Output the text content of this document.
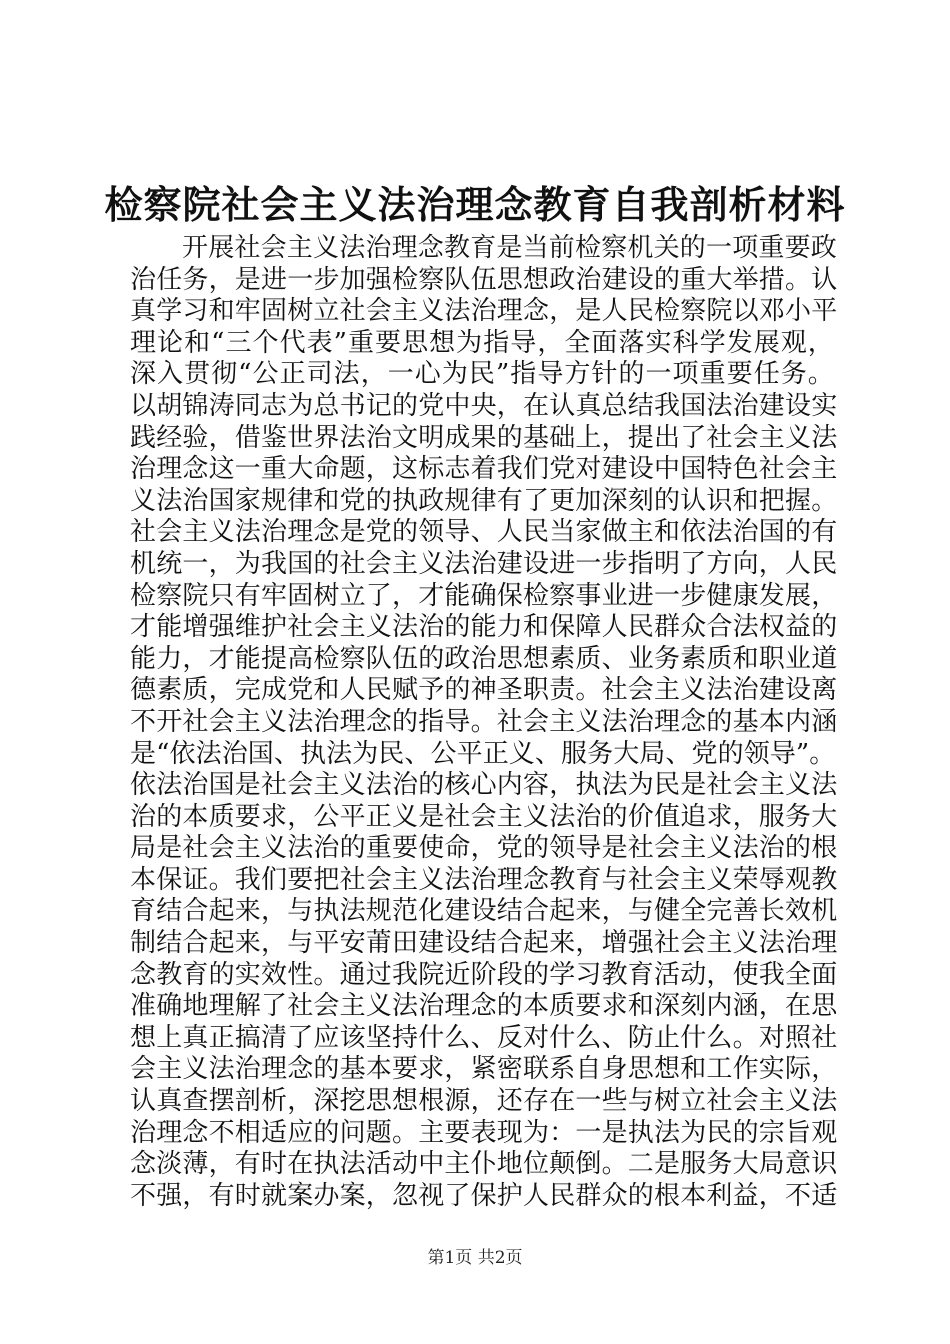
检察院社会主义法治理念教育自我剖析材料
开展社会主义法治理念教育是当前检察机关的一项重要政
治任务，是进一步加强检察队伍思想政治建设的重大举措。认
真学习和牢固树立社会主义法治理念，是人民检察院以邓小平
理论和“三个代表”重要思想为指导，全面落实科学发展观，
深入贯彻“公正司法，一心为民”指导方针的一项重要任务。
以胡锦涛同志为总书记的党中央，在认真总结我国法治建设实
践经验，借鉴世界法治文明成果的基础上，提出了社会主义法
治理念这一重大命题，这标志着我们党对建设中国特色社会主
义法治国家规律和党的执政规律有了更加深刻的认识和把握。
社会主义法治理念是党的领导、人民当家做主和依法治国的有
机统一，为我国的社会主义法治建设进一步指明了方向，人民
检察院只有牢固树立了，才能确保检察事业进一步健康发展，
才能增强维护社会主义法治的能力和保障人民群众合法权益的
能力，才能提高检察队伍的政治思想素质、业务素质和职业道
德素质，完成党和人民赋予的神圣职责。社会主义法治建设离
不开社会主义法治理念的指导。社会主义法治理念的基本内涵
是“依法治国、执法为民、公平正义、服务大局、党的领导”。
依法治国是社会主义法治的核心内容，执法为民是社会主义法
治的本质要求，公平正义是社会主义法治的价值追求，服务大
局是社会主义法治的重要使命，党的领导是社会主义法治的根
本保证。我们要把社会主义法治理念教育与社会主义荣辱观教
育结合起来，与执法规范化建设结合起来，与健全完善长效机
制结合起来，与平安莆田建设结合起来，增强社会主义法治理
念教育的实效性。通过我院近阶段的学习教育活动，使我全面
准确地理解了社会主义法治理念的本质要求和深刻内涵，在思
想上真正搞清了应该坚持什么、反对什么、防止什么。对照社
会主义法治理念的基本要求，紧密联系自身思想和工作实际，
认真查摆剖析，深挖思想根源，还存在一些与树立社会主义法
治理念不相适应的问题。主要表现为：一是执法为民的宗旨观
念淡薄，有时在执法活动中主仆地位颠倒。二是服务大局意识
不强，有时就案办案，忽视了保护人民群众的根本利益，不适
第1页 共2页
